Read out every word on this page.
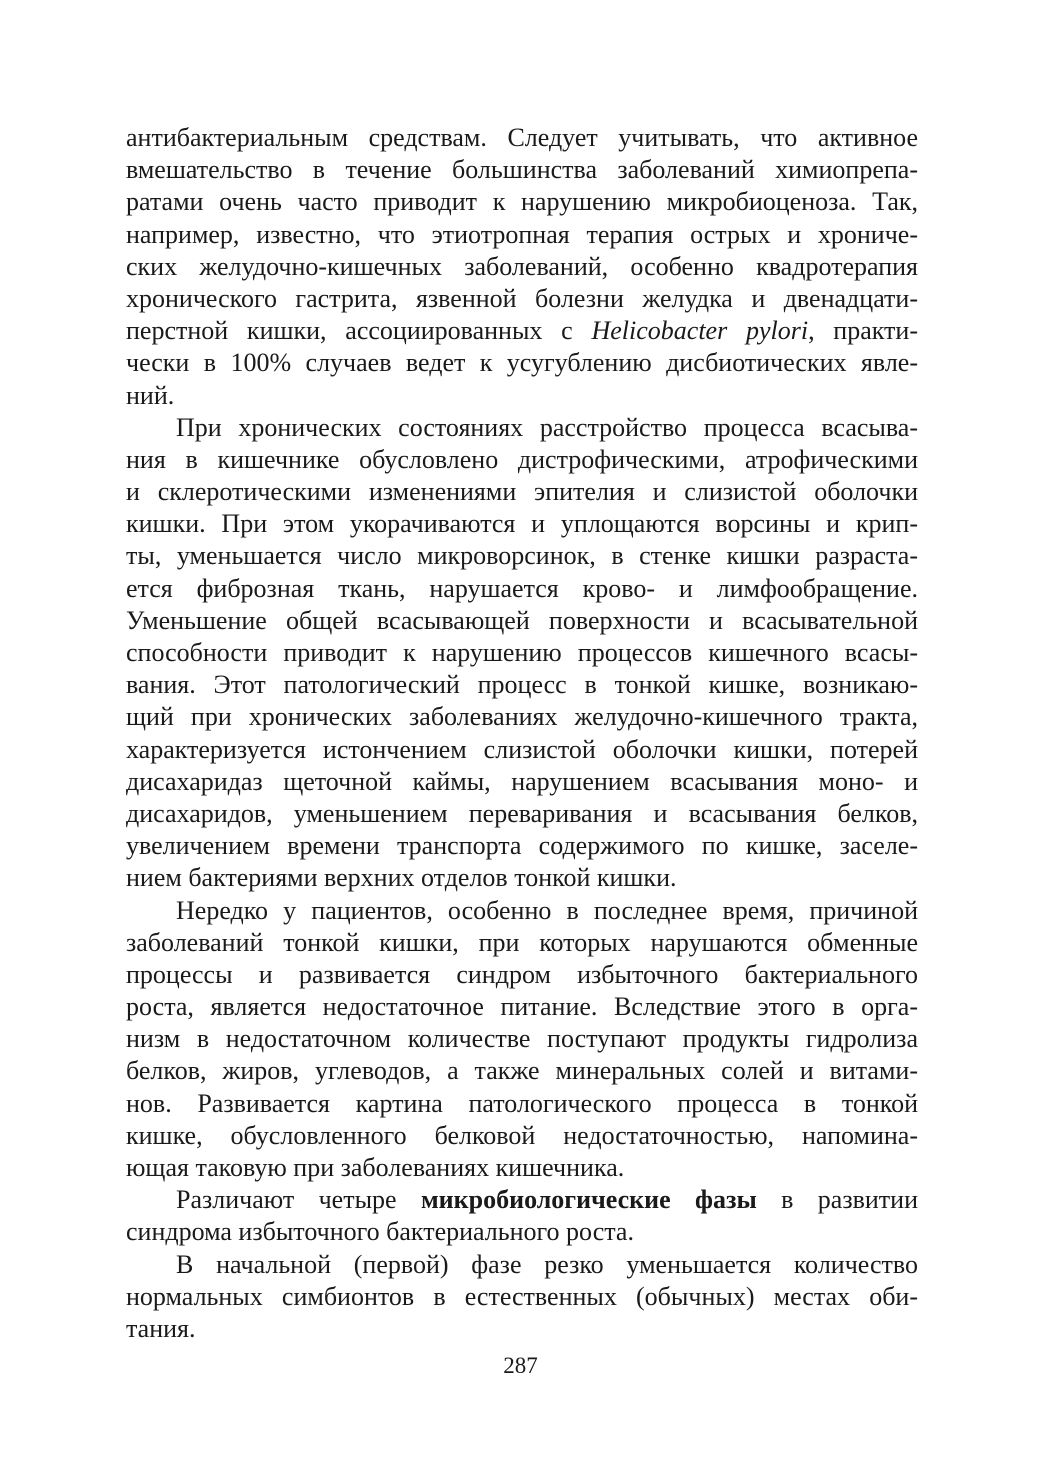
антибактериальным средствам. Следует учитывать, что активное
вмешательство в течение большинства заболеваний химиопрепа-
ратами очень часто приводит к нарушению микробиоценоза. Так,
например, известно, что этиотропная терапия острых и хрониче-
ских желудочно-кишечных заболеваний, особенно квадротерапия
хронического гастрита, язвенной болезни желудка и двенадцати-
перстной кишки, ассоциированных с Helicobacter pylori, практи-
чески в 100% случаев ведет к усугублению дисбиотических явле-
ний.

При хронических состояниях расстройство процесса всасыва-
ния в кишечнике обусловлено дистрофическими, атрофическими
и склеротическими изменениями эпителия и слизистой оболочки
кишки. При этом укорачиваются и уплощаются ворсины и крип-
ты, уменьшается число микроворсинок, в стенке кишки разраста-
ется фиброзная ткань, нарушается крово- и лимфообращение.
Уменьшение общей всасывающей поверхности и всасывательной
способности приводит к нарушению процессов кишечного всасы-
вания. Этот патологический процесс в тонкой кишке, возникаю-
щий при хронических заболеваниях желудочно-кишечного тракта,
характеризуется истончением слизистой оболочки кишки, потерей
дисахаридаз щеточной каймы, нарушением всасывания моно- и
дисахаридов, уменьшением переваривания и всасывания белков,
увеличением времени транспорта содержимого по кишке, заселе-
нием бактериями верхних отделов тонкой кишки.

Нередко у пациентов, особенно в последнее время, причиной
заболеваний тонкой кишки, при которых нарушаются обменные
процессы и развивается синдром избыточного бактериального
роста, является недостаточное питание. Вследствие этого в орга-
низм в недостаточном количестве поступают продукты гидролиза
белков, жиров, углеводов, а также минеральных солей и витами-
нов. Развивается картина патологического процесса в тонкой
кишке, обусловленного белковой недостаточностью, напомина-
ющая таковую при заболеваниях кишечника.

Различают четыре микробиологические фазы в развитии
синдрома избыточного бактериального роста.

В начальной (первой) фазе резко уменьшается количество
нормальных симбионтов в естественных (обычных) местах оби-
тания.

287
